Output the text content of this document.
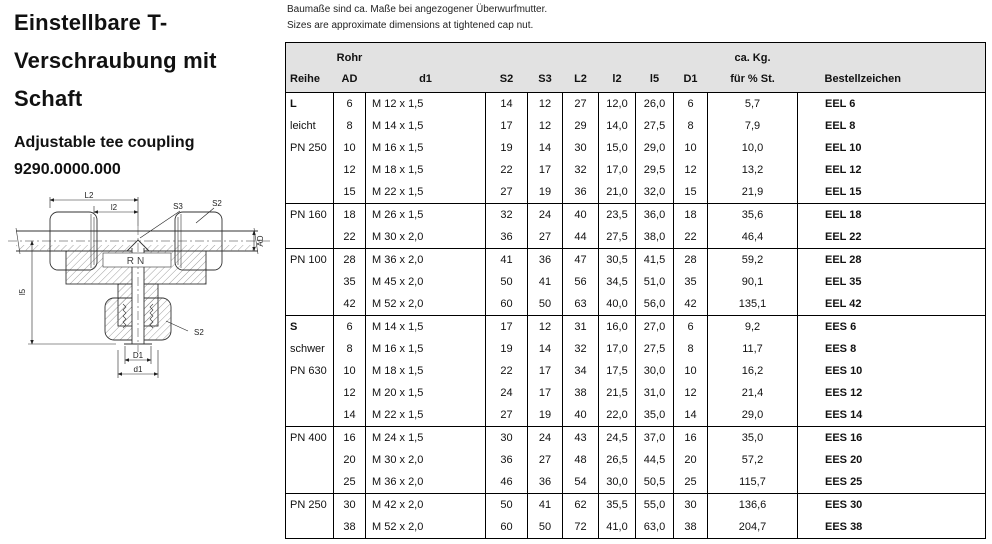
Einstellbare T-
Verschraubung mit
Schaft
Adjustable tee coupling
9290.0000.000
Baumaße sind ca. Maße bei angezogener Überwurfmutter.
Sizes are approximate dimensions at tightened cap nut.
L2
l2	S3	S2
AD
l5
S2
D1
d1
RN
	Rohr								ca. Kg.	
Reihe	AD	d1	S2	S3	L2	l2	l5	D1	für % St.	Bestellzeichen
L	6	M 12 x 1,5	14	12	27	12,0	26,0	6	5,7	EEL 6
leicht	8	M 14 x 1,5	17	12	29	14,0	27,5	8	7,9	EEL 8
PN 250	10	M 16 x 1,5	19	14	30	15,0	29,0	10	10,0	EEL 10
	12	M 18 x 1,5	22	17	32	17,0	29,5	12	13,2	EEL 12
	15	M 22 x 1,5	27	19	36	21,0	32,0	15	21,9	EEL 15
PN 160	18	M 26 x 1,5	32	24	40	23,5	36,0	18	35,6	EEL 18
	22	M 30 x 2,0	36	27	44	27,5	38,0	22	46,4	EEL 22
PN 100	28	M 36 x 2,0	41	36	47	30,5	41,5	28	59,2	EEL 28
	35	M 45 x 2,0	50	41	56	34,5	51,0	35	90,1	EEL 35
	42	M 52 x 2,0	60	50	63	40,0	56,0	42	135,1	EEL 42
S	6	M 14 x 1,5	17	12	31	16,0	27,0	6	9,2	EES 6
schwer	8	M 16 x 1,5	19	14	32	17,0	27,5	8	11,7	EES 8
PN 630	10	M 18 x 1,5	22	17	34	17,5	30,0	10	16,2	EES 10
	12	M 20 x 1,5	24	17	38	21,5	31,0	12	21,4	EES 12
	14	M 22 x 1,5	27	19	40	22,0	35,0	14	29,0	EES 14
PN 400	16	M 24 x 1,5	30	24	43	24,5	37,0	16	35,0	EES 16
	20	M 30 x 2,0	36	27	48	26,5	44,5	20	57,2	EES 20
	25	M 36 x 2,0	46	36	54	30,0	50,5	25	115,7	EES 25
PN 250	30	M 42 x 2,0	50	41	62	35,5	55,0	30	136,6	EES 30
	38	M 52 x 2,0	60	50	72	41,0	63,0	38	204,7	EES 38
